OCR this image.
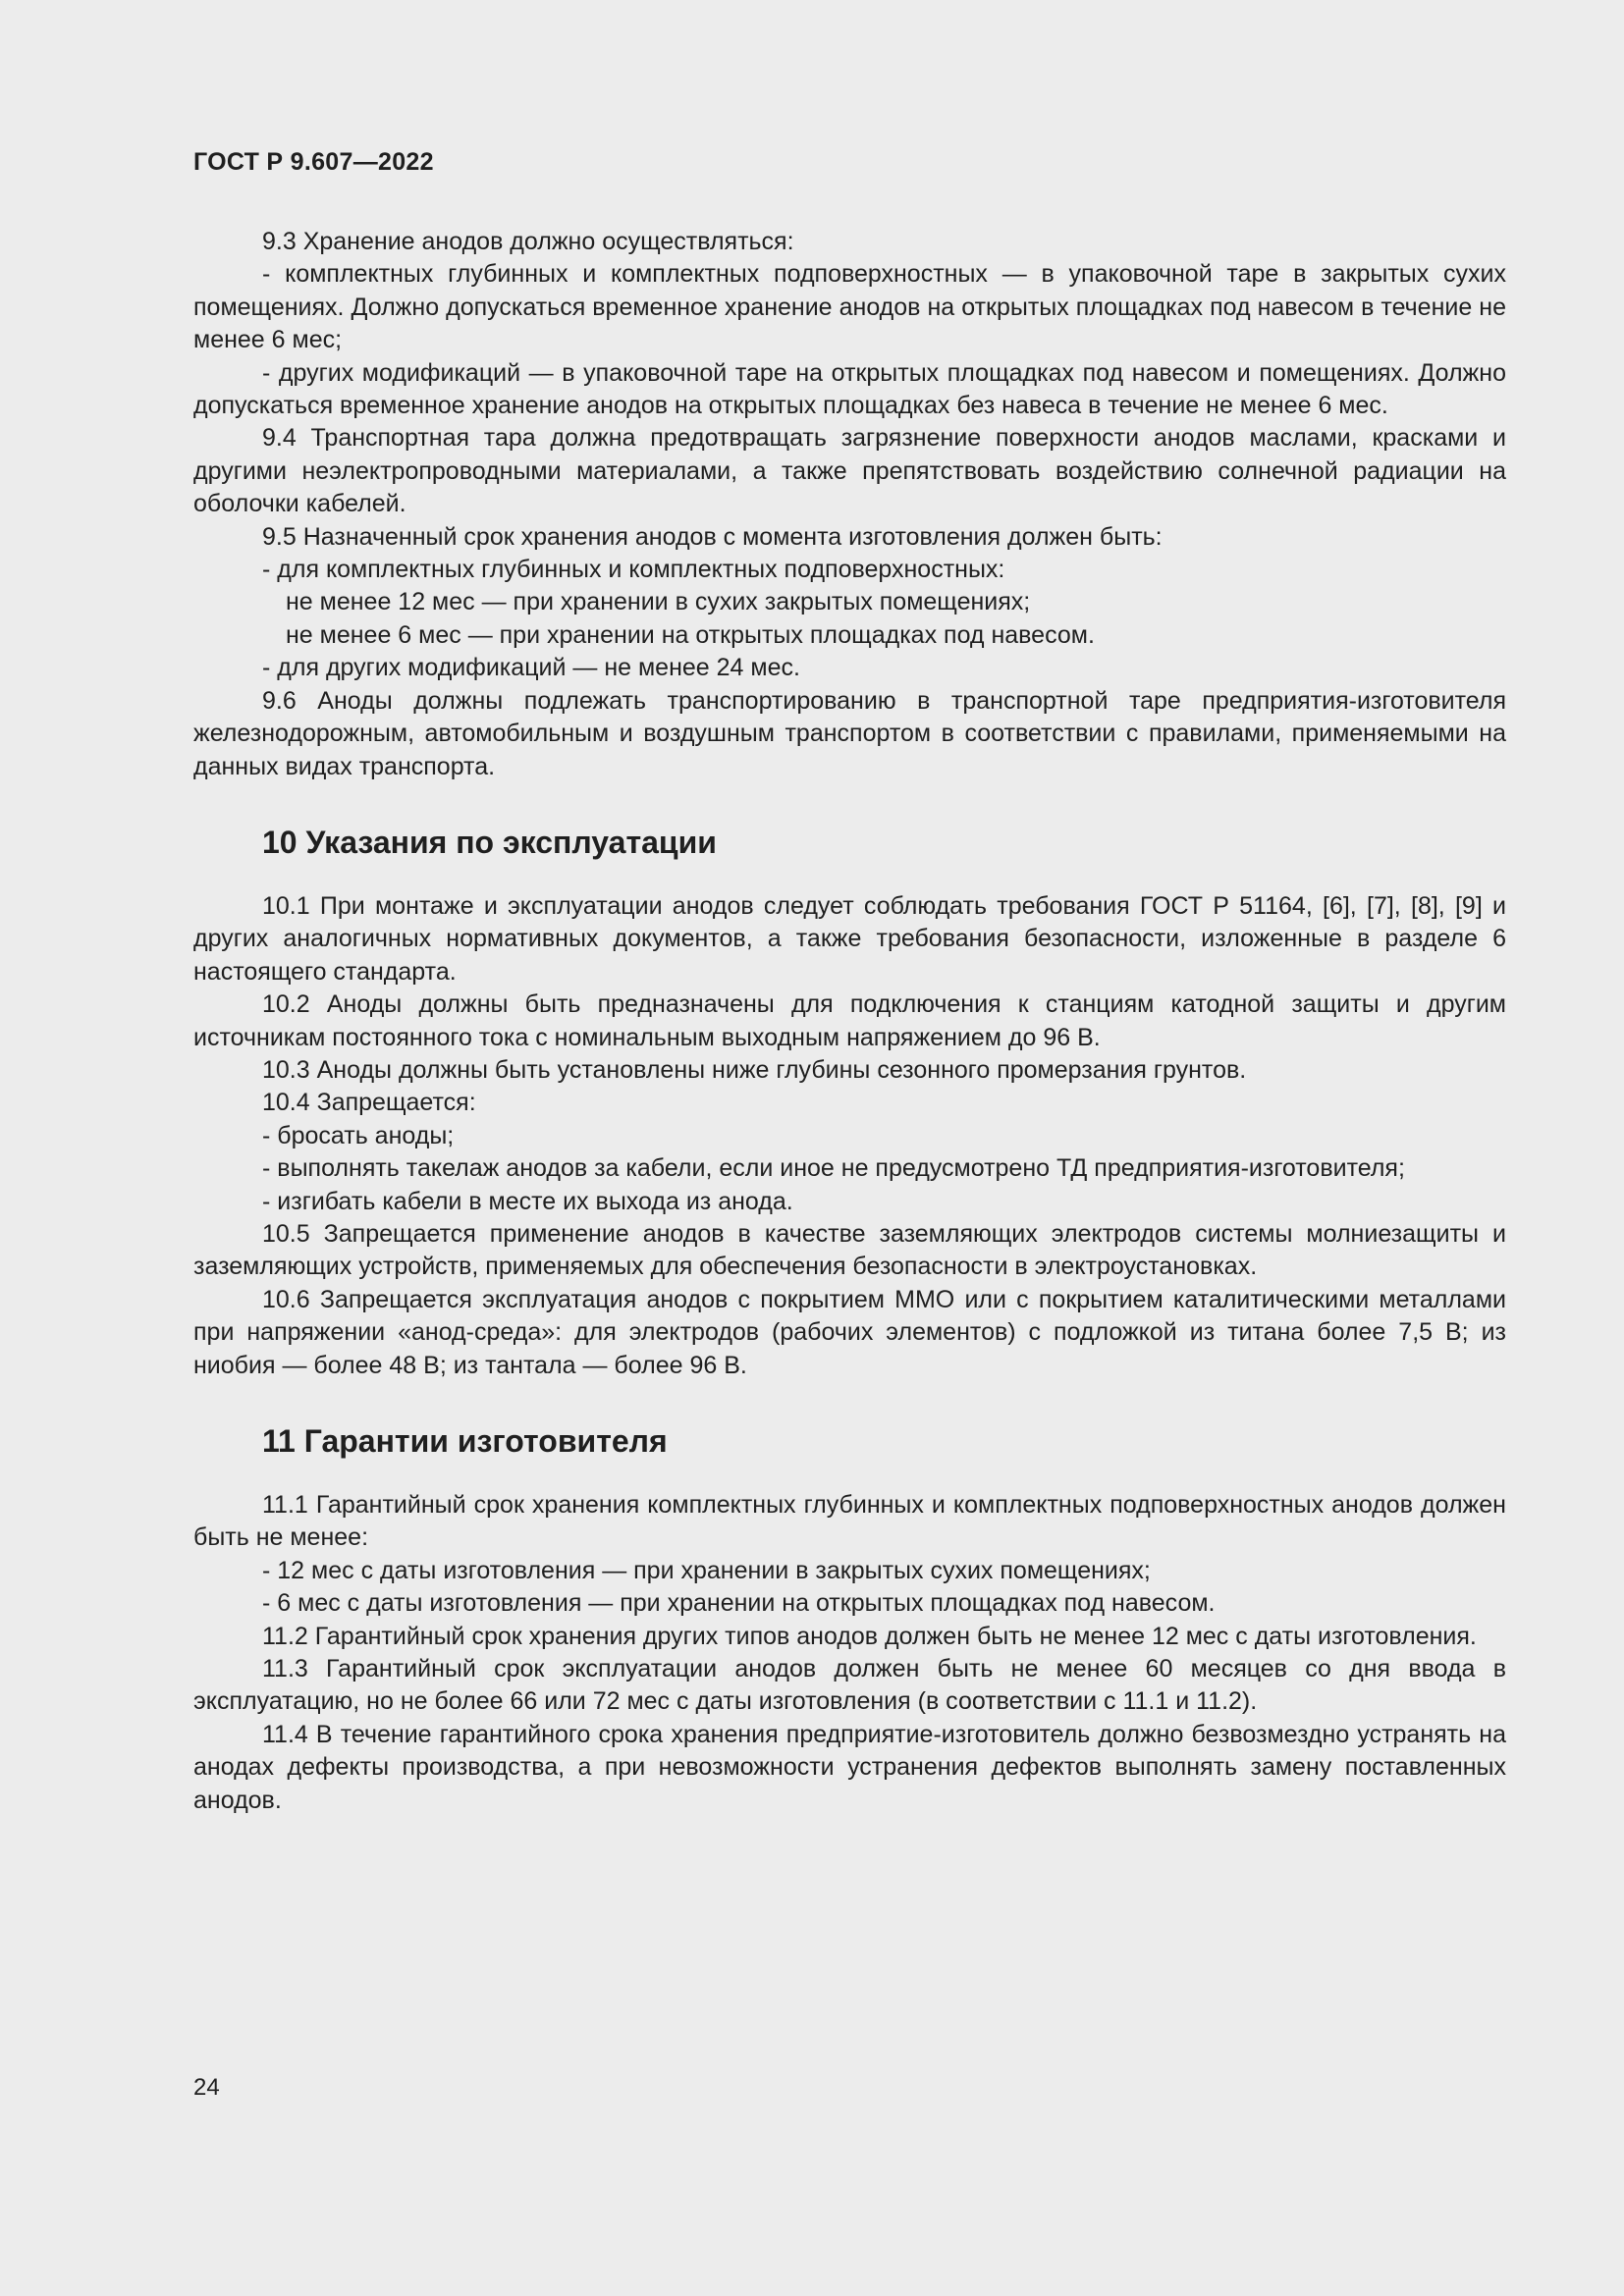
ГОСТ Р 9.607—2022

9.3 Хранение анодов должно осуществляться:

- комплектных глубинных и комплектных подповерхностных — в упаковочной таре в закрытых сухих помещениях. Должно допускаться временное хранение анодов на открытых площадках под навесом в течение не менее 6 мес;

- других модификаций — в упаковочной таре на открытых площадках под навесом и помещениях. Должно допускаться временное хранение анодов на открытых площадках без навеса в течение не менее 6 мес.

9.4 Транспортная тара должна предотвращать загрязнение поверхности анодов маслами, красками и другими неэлектропроводными материалами, а также препятствовать воздействию солнечной радиации на оболочки кабелей.

9.5 Назначенный срок хранения анодов с момента изготовления должен быть:

- для комплектных глубинных и комплектных подповерхностных:

не менее 12 мес — при хранении в сухих закрытых помещениях;

не менее 6 мес — при хранении на открытых площадках под навесом.

- для других модификаций — не менее 24 мес.

9.6 Аноды должны подлежать транспортированию в транспортной таре предприятия-изготовителя железнодорожным, автомобильным и воздушным транспортом в соответствии с правилами, применяемыми на данных видах транспорта.

10 Указания по эксплуатации

10.1 При монтаже и эксплуатации анодов следует соблюдать требования ГОСТ Р 51164, [6], [7], [8], [9] и других аналогичных нормативных документов, а также требования безопасности, изложенные в разделе 6 настоящего стандарта.

10.2 Аноды должны быть предназначены для подключения к станциям катодной защиты и другим источникам постоянного тока с номинальным выходным напряжением до 96 В.

10.3 Аноды должны быть установлены ниже глубины сезонного промерзания грунтов.

10.4 Запрещается:

- бросать аноды;

- выполнять такелаж анодов за кабели, если иное не предусмотрено ТД предприятия-изготовителя;

- изгибать кабели в месте их выхода из анода.

10.5 Запрещается применение анодов в качестве заземляющих электродов системы молниезащиты и заземляющих устройств, применяемых для обеспечения безопасности в электроустановках.

10.6 Запрещается эксплуатация анодов с покрытием ММО или с покрытием каталитическими металлами при напряжении «анод-среда»: для электродов (рабочих элементов) с подложкой из титана более 7,5 В; из ниобия — более 48 В; из тантала — более 96 В.

11 Гарантии изготовителя

11.1 Гарантийный срок хранения комплектных глубинных и комплектных подповерхностных анодов должен быть не менее:

- 12 мес с даты изготовления — при хранении в закрытых сухих помещениях;

- 6 мес с даты изготовления — при хранении на открытых площадках под навесом.

11.2 Гарантийный срок хранения других типов анодов должен быть не менее 12 мес с даты изготовления.

11.3 Гарантийный срок эксплуатации анодов должен быть не менее 60 месяцев со дня ввода в эксплуатацию, но не более 66 или 72 мес с даты изготовления (в соответствии с 11.1 и 11.2).

11.4 В течение гарантийного срока хранения предприятие-изготовитель должно безвозмездно устранять на анодах дефекты производства, а при невозможности устранения дефектов выполнять замену поставленных анодов.

24
